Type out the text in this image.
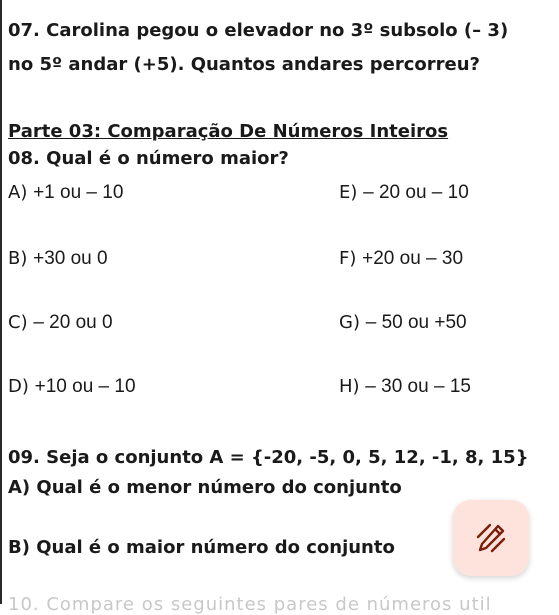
07. Carolina pegou o elevador no 3º subsolo (– 3)
no 5º andar (+5). Quantos andares percorreu?
Parte 03: Comparação De Números Inteiros
08. Qual é o número maior?
A) +1 ou – 10	E) – 20 ou – 10
B) +30 ou 0	F) +20 ou – 30
C) – 20 ou 0	G) – 50 ou +50
D) +10 ou – 10	H) – 30 ou – 15
09. Seja o conjunto A = {-20, -5, 0, 5, 12, -1, 8, 15}
A) Qual é o menor número do conjunto
B) Qual é o maior número do conjunto
10. Compare os seguintes pares de números util
